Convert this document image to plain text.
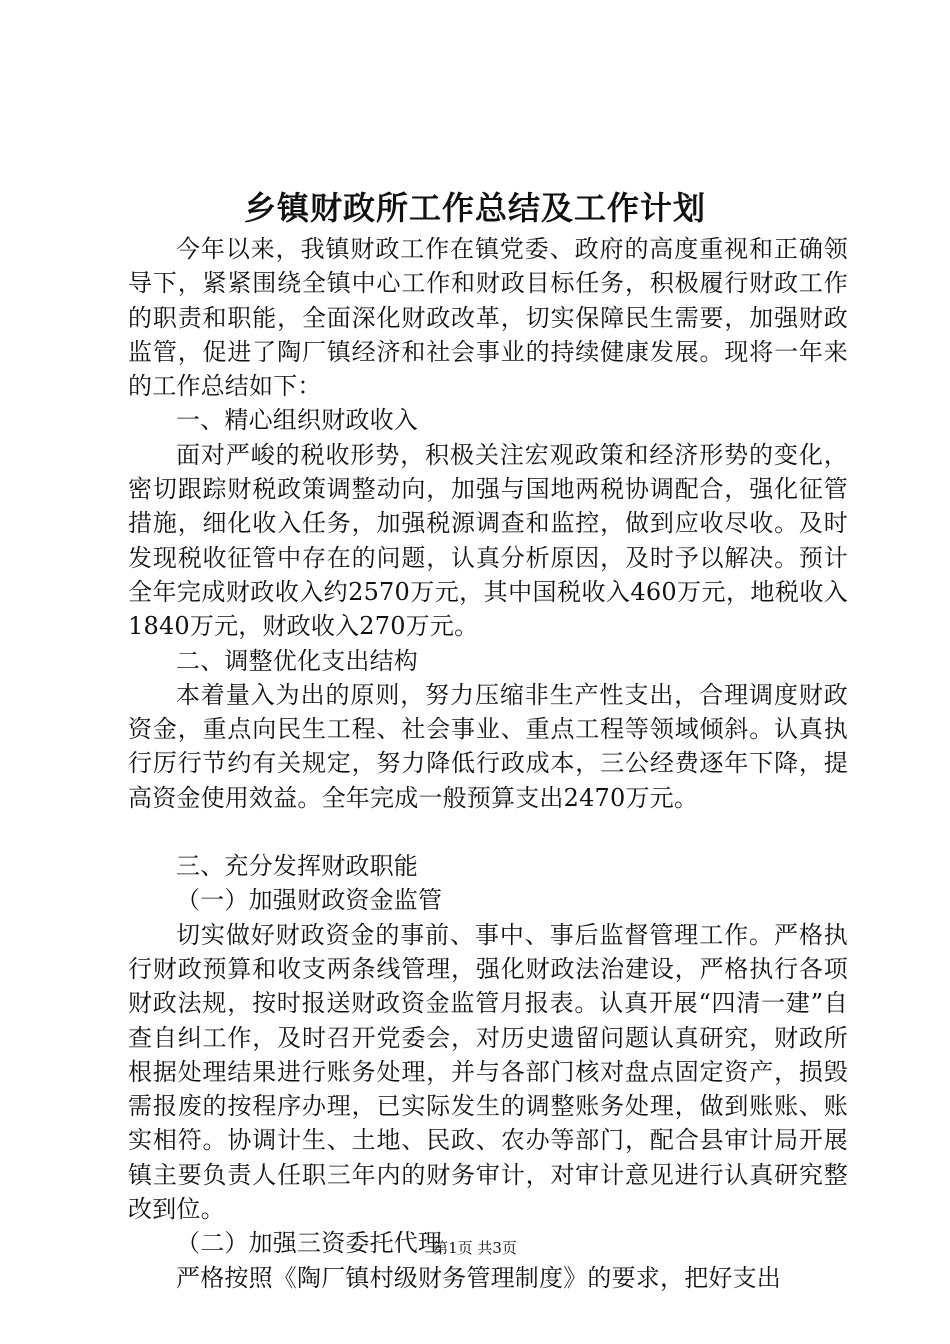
乡镇财政所工作总结及工作计划

今年以来，我镇财政工作在镇党委、政府的高度重视和正确领导下，紧紧围绕全镇中心工作和财政目标任务，积极履行财政工作的职责和职能，全面深化财政改革，切实保障民生需要，加强财政监管，促进了陶厂镇经济和社会事业的持续健康发展。现将一年来的工作总结如下：

一、精心组织财政收入

面对严峻的税收形势，积极关注宏观政策和经济形势的变化，密切跟踪财税政策调整动向，加强与国地两税协调配合，强化征管措施，细化收入任务，加强税源调查和监控，做到应收尽收。及时发现税收征管中存在的问题，认真分析原因，及时予以解决。预计全年完成财政收入约2570万元，其中国税收入460万元，地税收入1840万元，财政收入270万元。

二、调整优化支出结构

本着量入为出的原则，努力压缩非生产性支出，合理调度财政资金，重点向民生工程、社会事业、重点工程等领域倾斜。认真执行厉行节约有关规定，努力降低行政成本，三公经费逐年下降，提高资金使用效益。全年完成一般预算支出2470万元。

三、充分发挥财政职能

（一）加强财政资金监管

切实做好财政资金的事前、事中、事后监督管理工作。严格执行财政预算和收支两条线管理，强化财政法治建设，严格执行各项财政法规，按时报送财政资金监管月报表。认真开展“四清一建”自查自纠工作，及时召开党委会，对历史遗留问题认真研究，财政所根据处理结果进行账务处理，并与各部门核对盘点固定资产，损毁需报废的按程序办理，已实际发生的调整账务处理，做到账账、账实相符。协调计生、土地、民政、农办等部门，配合县审计局开展镇主要负责人任职三年内的财务审计，对审计意见进行认真研究整改到位。

（二）加强三资委托代理

严格按照《陶厂镇村级财务管理制度》的要求，把好支出

第1页 共3页
